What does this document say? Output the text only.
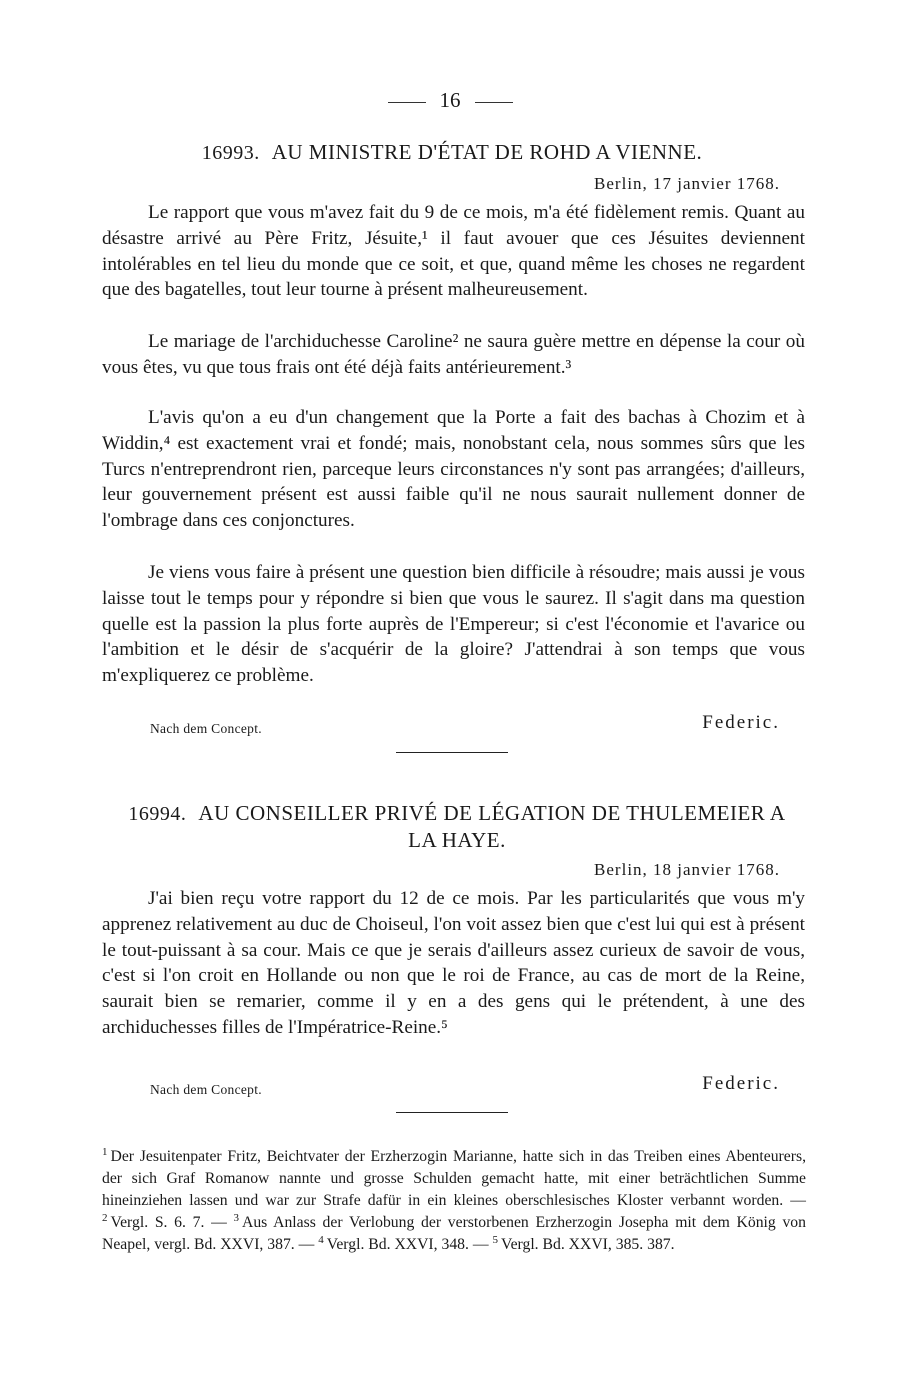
16
16993. AU MINISTRE D'ÉTAT DE ROHD A VIENNE.
Berlin, 17 janvier 1768.

Le rapport que vous m'avez fait du 9 de ce mois, m'a été fidèlement remis. Quant au désastre arrivé au Père Fritz, Jésuite,¹ il faut avouer que ces Jésuites deviennent intolérables en tel lieu du monde que ce soit, et que, quand même les choses ne regardent que des bagatelles, tout leur tourne à présent malheureusement.

Le mariage de l'archiduchesse Caroline² ne saura guère mettre en dépense la cour où vous êtes, vu que tous frais ont été déjà faits antérieurement.³

L'avis qu'on a eu d'un changement que la Porte a fait des bachas à Chozim et à Widdin,⁴ est exactement vrai et fondé; mais, nonobstant cela, nous sommes sûrs que les Turcs n'entreprendront rien, parceque leurs circonstances n'y sont pas arrangées; d'ailleurs, leur gouvernement présent est aussi faible qu'il ne nous saurait nullement donner de l'ombrage dans ces conjonctures.

Je viens vous faire à présent une question bien difficile à résoudre; mais aussi je vous laisse tout le temps pour y répondre si bien que vous le saurez. Il s'agit dans ma question quelle est la passion la plus forte auprès de l'Empereur; si c'est l'économie et l'avarice ou l'ambition et le désir de s'acquérir de la gloire? J'attendrai à son temps que vous m'expliquerez ce problème.

Nach dem Concept.	Federic.
16994. AU CONSEILLER PRIVÉ DE LÉGATION DE THULEMEIER A LA HAYE.
Berlin, 18 janvier 1768.

J'ai bien reçu votre rapport du 12 de ce mois. Par les particularités que vous m'y apprenez relativement au duc de Choiseul, l'on voit assez bien que c'est lui qui est à présent le tout-puissant à sa cour. Mais ce que je serais d'ailleurs assez curieux de savoir de vous, c'est si l'on croit en Hollande ou non que le roi de France, au cas de mort de la Reine, saurait bien se remarier, comme il y en a des gens qui le prétendent, à une des archiduchesses filles de l'Impératrice-Reine.⁵

Nach dem Concept.	Federic.

$^1$ Der Jesuitenpater Fritz, Beichtvater der Erzherzogin Marianne, hatte sich in das Treiben eines Abenteurers, der sich Graf Romanow nannte und grosse Schulden gemacht hatte, mit einer beträchtlichen Summe hineinziehen lassen und war zur Strafe dafür in ein kleines oberschlesisches Kloster verbannt worden. — $^2$ Vergl. S. 6. 7. — $^3$ Aus Anlass der Verlobung der verstorbenen Erzherzogin Josepha mit dem König von Neapel, vergl. Bd. XXVI, 387. — $^4$ Vergl. Bd. XXVI, 348. — $^5$ Vergl. Bd. XXVI, 385. 387.
